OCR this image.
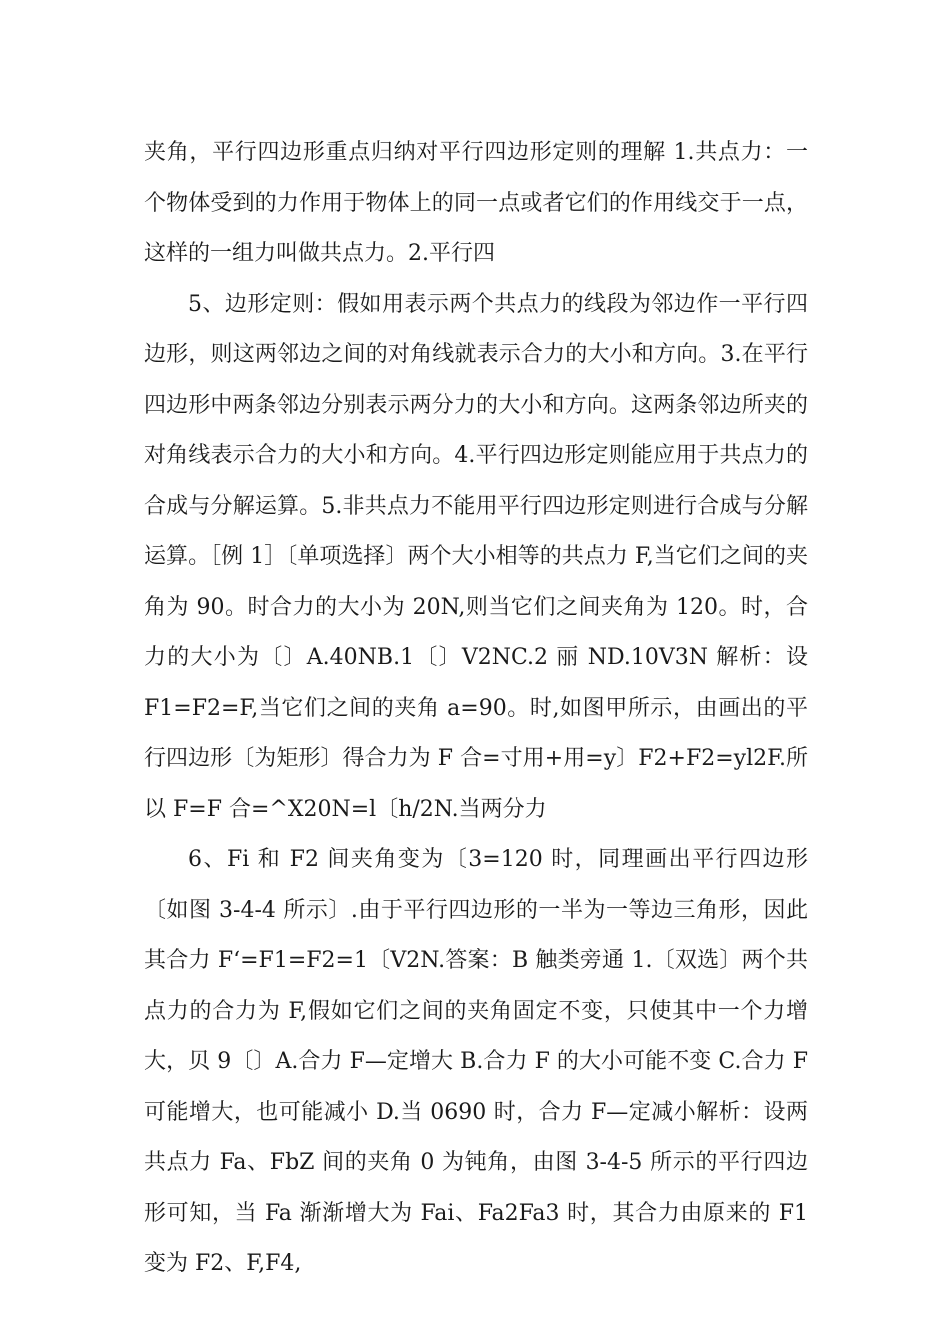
夹角，平行四边形重点归纳对平行四边形定则的理解 1.共点力：一个物体受到的力作用于物体上的同一点或者它们的作用线交于一点，这样的一组力叫做共点力。2.平行四

5、边形定则：假如用表示两个共点力的线段为邻边作一平行四边形，则这两邻边之间的对角线就表示合力的大小和方向。3.在平行四边形中两条邻边分别表示两分力的大小和方向。这两条邻边所夹的对角线表示合力的大小和方向。4.平行四边形定则能应用于共点力的合成与分解运算。5.非共点力不能用平行四边形定则进行合成与分解运算。［例 1］〔单项选择〕两个大小相等的共点力 F,当它们之间的夹角为 90。时合力的大小为 20N,则当它们之间夹角为 120。时，合力的大小为〔〕A.40NB.1〔〕V2NC.2 丽 ND.10V3N 解析：设 F1=F2=F,当它们之间的夹角 a=90。时,如图甲所示，由画出的平行四边形〔为矩形〕得合力为 F 合=寸用+用=y〕F2+F2=yl2F.所以 F=F 合=^X20N=l〔h/2N.当两分力

6、Fi 和 F2 间夹角变为〔3=120 时，同理画出平行四边形〔如图 3-4-4 所示〕.由于平行四边形的一半为一等边三角形，因此其合力 F‘=F1=F2=1〔V2N.答案：B 触类旁通 1.〔双选〕两个共点力的合力为 F,假如它们之间的夹角固定不变，只使其中一个力增大，贝 9〔〕A.合力 F—定增大 B.合力 F 的大小可能不变 C.合力 F 可能增大，也可能减小 D.当 0690 时，合力 F—定减小解析：设两共点力 Fa、FbZ 间的夹角 0 为钝角，由图 3-4-5 所示的平行四边形可知，当 Fa 渐渐增大为 Fai、Fa2Fa3 时，其合力由原来的 F1 变为 F2、F,F4,
